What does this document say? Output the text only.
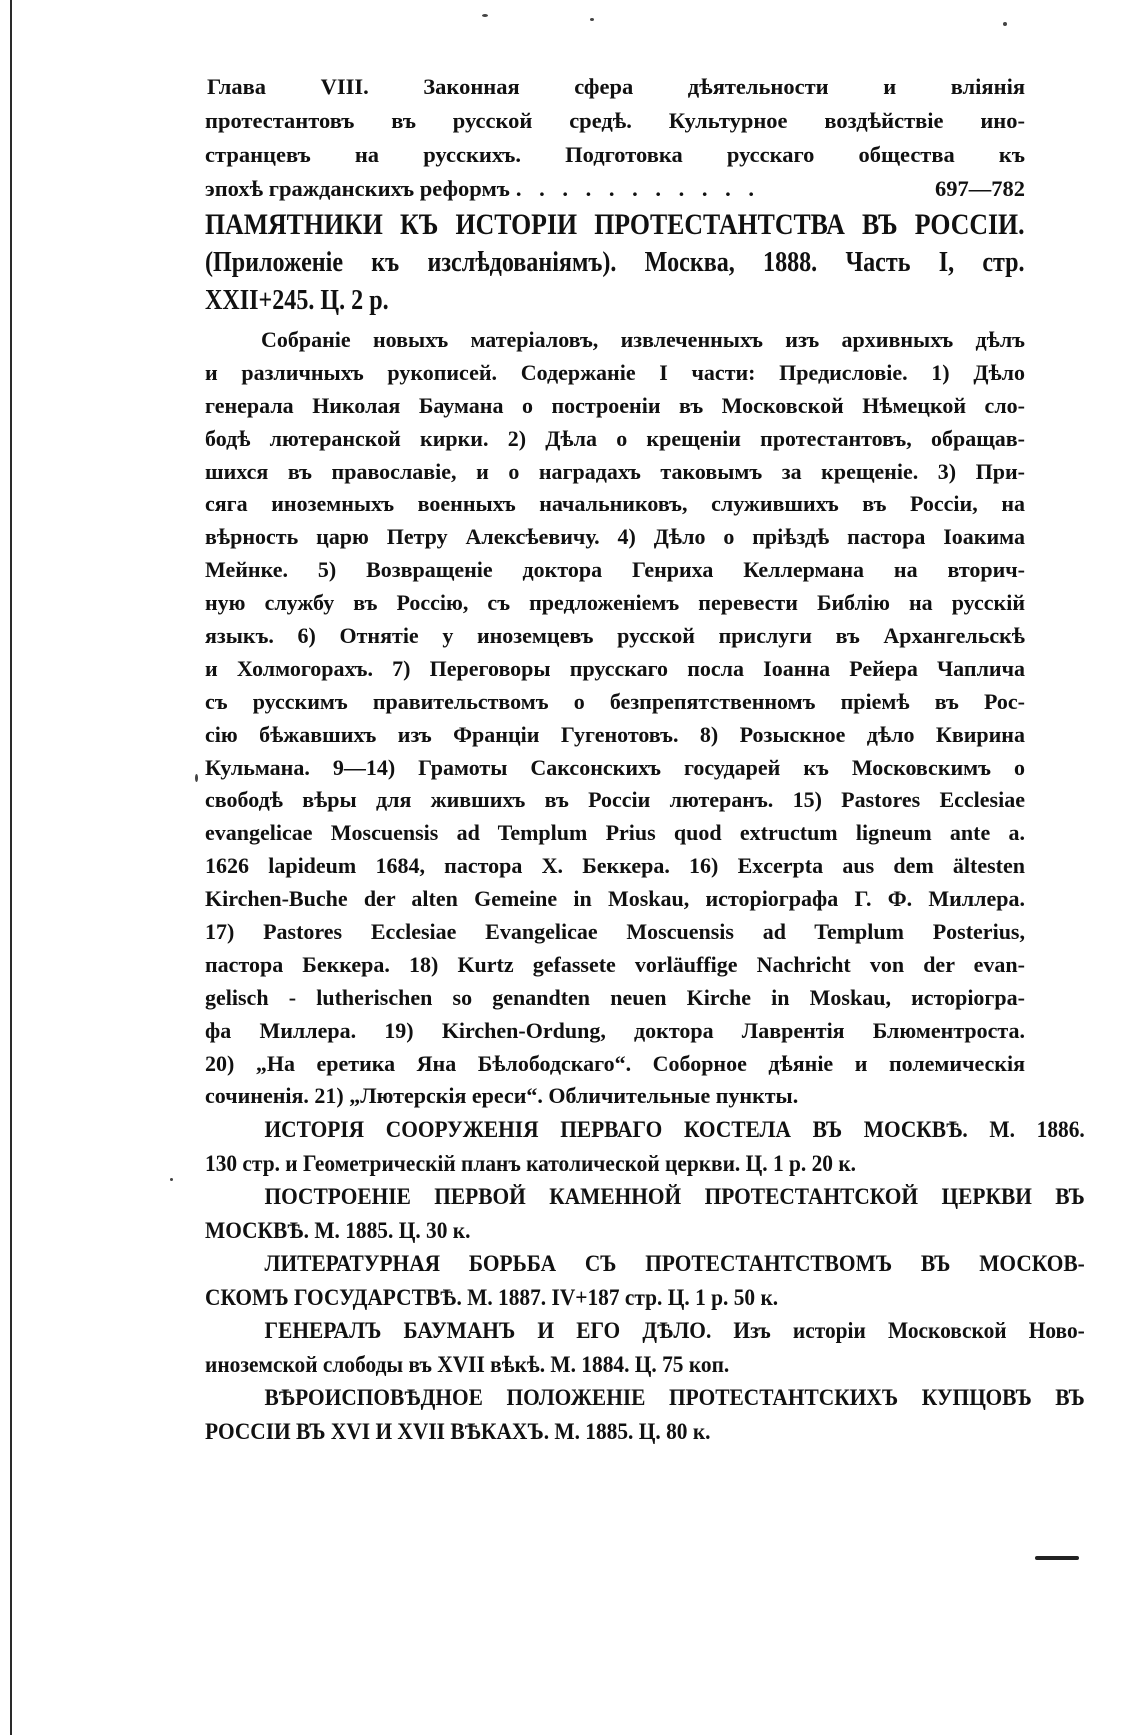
Глава VIII. Законная сфера дѣятельности и вліянія
протестантовъ въ русской средѣ. Культурное воздѣйствіе ино-
странцевъ на русскихъ. Подготовка русскаго общества къ
эпохѣ гражданскихъ реформъ . . . . . . . . . . .	697—782
ПАМЯТНИКИ КЪ ИСТОРІИ ПРОТЕСТАНТСТВА ВЪ РОССІИ.
(Приложеніе къ изслѣдованіямъ). Москва, 1888. Часть I, стр.
XXII+245. Ц. 2 р.
Собраніе новыхъ матеріаловъ, извлеченныхъ изъ архивныхъ дѣлъ
и различныхъ рукописей. Содержаніе I части: Предисловіе. 1) Дѣло
генерала Николая Баумана о построеніи въ Московской Нѣмецкой сло-
бодѣ лютеранской кирки. 2) Дѣла о крещеніи протестантовъ, обращав-
шихся въ православіе, и о наградахъ таковымъ за крещеніе. 3) При-
сяга иноземныхъ военныхъ начальниковъ, служившихъ въ Россіи, на
вѣрность царю Петру Алексѣевичу. 4) Дѣло о пріѣздѣ пастора Іоакима
Мейнке. 5) Возвращеніе доктора Генриха Келлермана на вторич-
ную службу въ Россію, съ предложеніемъ перевести Библію на русскій
языкъ. 6) Отнятіе у иноземцевъ русской прислуги въ Архангельскѣ
и Холмогорахъ. 7) Переговоры прусскаго посла Іоанна Рейера Чаплича
съ русскимъ правительствомъ о безпрепятственномъ пріемѣ въ Рос-
сію бѣжавшихъ изъ Франціи Гугенотовъ. 8) Розыскное дѣло Квирина
Кульмана. 9—14) Грамоты Саксонскихъ государей къ Московскимъ о
свободѣ вѣры для жившихъ въ Россіи лютеранъ. 15) Pastores Ecclesiae
evangelicae Moscuensis ad Templum Prius quod extructum ligneum ante a.
1626 lapideum 1684, пастора Х. Беккера. 16) Excerpta aus dem ältesten
Kirchen-Buche der alten Gemeine in Moskau, исторіографа Г. Ф. Миллера.
17) Pastores Ecclesiae Evangelicae Moscuensis ad Templum Posterius,
пастора Беккера. 18) Kurtz gefassete vorläuffige Nachricht von der evan-
gelisch - lutherischen so genandten neuen Kirche in Moskau, исторіогра-
фа Миллера. 19) Kirchen-Ordung, доктора Лаврентія Блюментроста.
20) „На еретика Яна Бѣлободскаго“. Соборное дѣяніе и полемическія
сочиненія. 21) „Лютерскія ереси“. Обличительные пункты.
ИСТОРІЯ СООРУЖЕНІЯ ПЕРВАГО КОСТЕЛА ВЪ МОСКВѢ. М. 1886.
130 стр. и Геометрическій планъ католической церкви. Ц. 1 р. 20 к.
ПОСТРОЕНІЕ ПЕРВОЙ КАМЕННОЙ ПРОТЕСТАНТСКОЙ ЦЕРКВИ ВЪ
МОСКВѢ. М. 1885. Ц. 30 к.
ЛИТЕРАТУРНАЯ БОРЬБА СЪ ПРОТЕСТАНТСТВОМЪ ВЪ МОСКОВ-
СКОМЪ ГОСУДАРСТВѢ. М. 1887. IV+187 стр. Ц. 1 р. 50 к.
ГЕНЕРАЛЪ БАУМАНЪ И ЕГО ДѢЛО. Изъ исторіи Московской Ново-
иноземской слободы въ XVII вѣкѣ. М. 1884. Ц. 75 коп.
ВѢРОИСПОВѢДНОЕ ПОЛОЖЕНІЕ ПРОТЕСТАНТСКИХЪ КУПЦОВЪ ВЪ
РОССІИ ВЪ XVI И XVII ВѢКАХЪ. М. 1885. Ц. 80 к.
